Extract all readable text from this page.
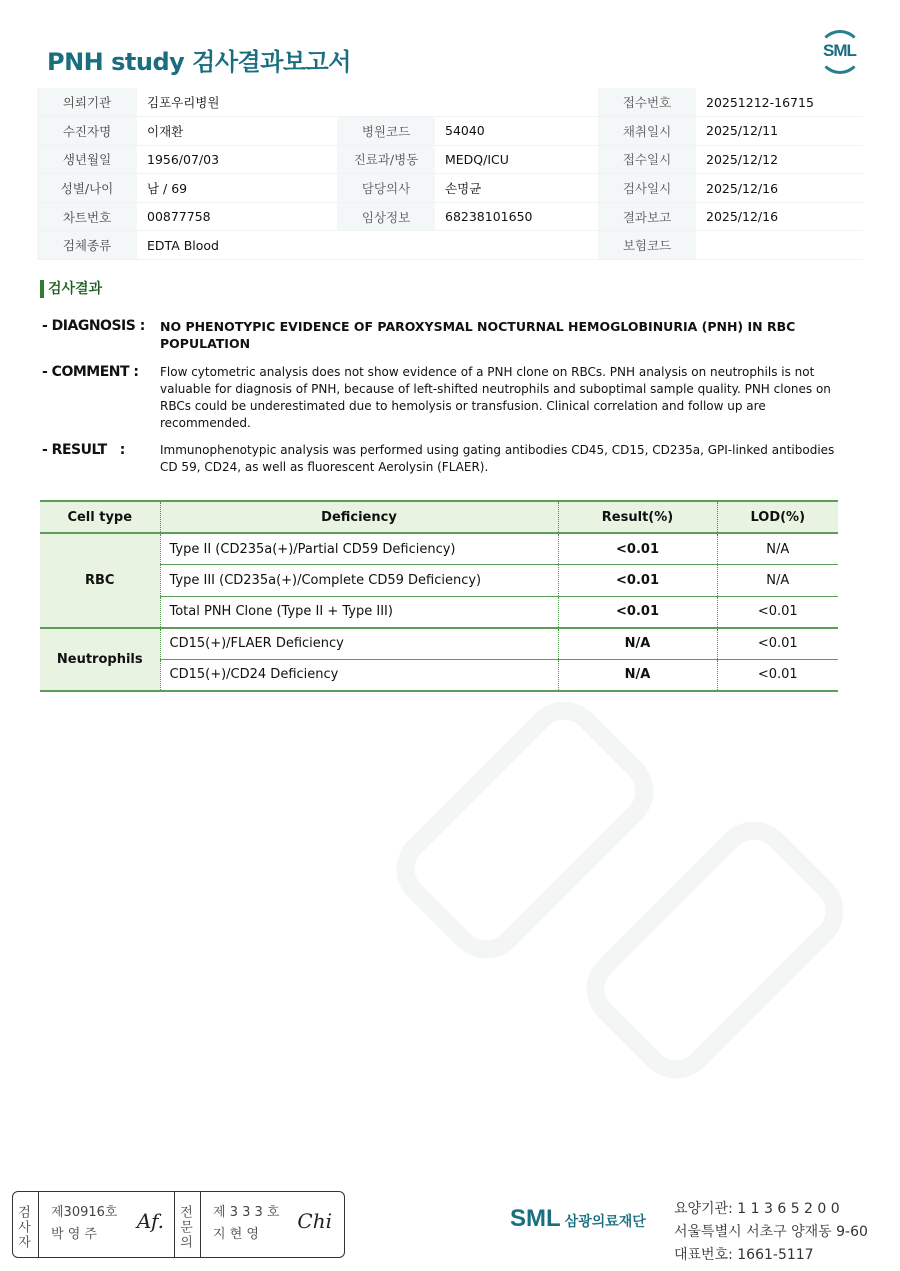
PNH study 검사결과보고서	SML
의뢰기관	김포우리병원			접수번호	20251212-16715
수진자명	이재환	병원코드	54040	채취일시	2025/12/11
생년월일	1956/07/03	진료과/병동	MEDQ/ICU	접수일시	2025/12/12
성별/나이	남 / 69	담당의사	손명균	검사일시	2025/12/16
차트번호	00877758	임상정보	68238101650	결과보고	2025/12/16
검체종류	EDTA Blood			보험코드	
검사결과
- DIAGNOSIS :	NO PHENOTYPIC EVIDENCE OF PAROXYSMAL NOCTURNAL HEMOGLOBINURIA (PNH) IN RBC POPULATION
- COMMENT :	Flow cytometric analysis does not show evidence of a PNH clone on RBCs. PNH analysis on neutrophils is not valuable for diagnosis of PNH, because of left-shifted neutrophils and suboptimal sample quality. PNH clones on RBCs could be underestimated due to hemolysis or transfusion. Clinical correlation and follow up are recommended.
- RESULT   :	Immunophenotypic analysis was performed using gating antibodies CD45, CD15, CD235a, GPI-linked antibodies CD 59, CD24, as well as fluorescent Aerolysin (FLAER).
Cell type	Deficiency	Result(%)	LOD(%)
RBC	Type II (CD235a(+)/Partial CD59 Deficiency)	<0.01	N/A
	Type III (CD235a(+)/Complete CD59 Deficiency)	<0.01	N/A
	Total PNH Clone (Type II + Type III)	<0.01	<0.01
Neutrophils	CD15(+)/FLAER Deficiency	N/A	<0.01
	CD15(+)/CD24 Deficiency	N/A	<0.01
검사자	제30916호
박 영 주
Af. 전문의	제 3 3 3 호
지 현 영
Chi	SML 삼광의료재단
요양기관: 1 1 3 6 5 2 0 0
서울특별시 서초구 양재동 9-60
대표번호: 1661-5117
